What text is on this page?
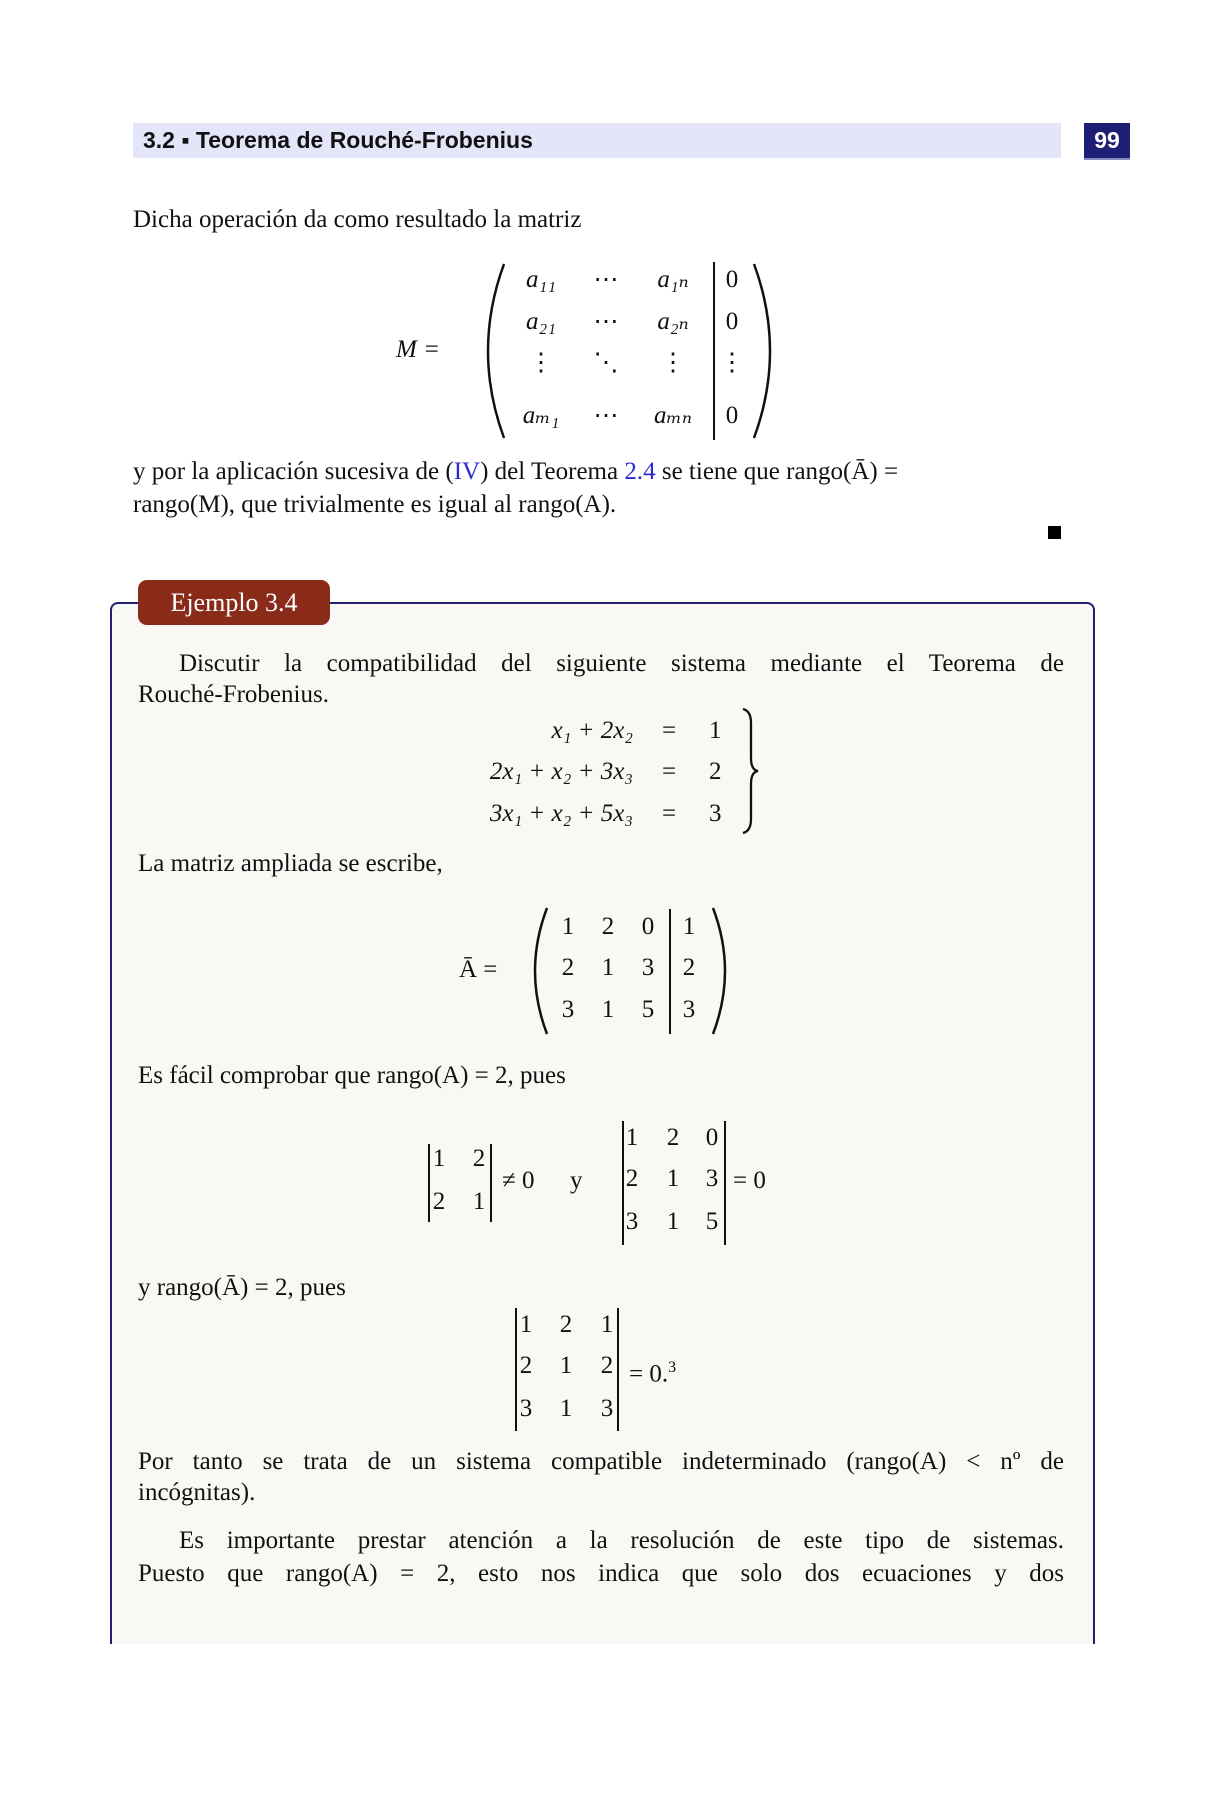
3.2 ▪ Teorema de Rouché-Frobenius	99
Dicha operación da como resultado la matriz
M =
a₁₁ ⋯ a₁ₙ 0
a₂₁ ⋯ a₂ₙ 0
⋮ ⋱ ⋮ ⋮
aₘ₁ ⋯ aₘₙ 0
y por la aplicación sucesiva de (IV) del Teorema 2.4 se tiene que rango(Ā) =
rango(M), que trivialmente es igual al rango(A).
Ejemplo 3.4
Discutir la compatibilidad del siguiente sistema mediante el Teorema de
Rouché-Frobenius.
x₁ + 2x₂ = 1
2x₁ + x₂ + 3x₃ = 2
3x₁ + x₂ + 5x₃ = 3
La matriz ampliada se escribe,
Ā =
1 2 0 1
2 1 3 2
3 1 5 3
Es fácil comprobar que rango(A) = 2, pues
1 2
2 1
≠ 0 y
1 2 0
2 1 3
3 1 5
= 0
y rango(Ā) = 2, pues
1 2 1
2 1 2
3 1 3
= 0.$^3$
Por tanto se trata de un sistema compatible indeterminado (rango(A) < nº de
incógnitas).
Es importante prestar atención a la resolución de este tipo de sistemas.
Puesto que rango(A) = 2, esto nos indica que solo dos ecuaciones y dos
